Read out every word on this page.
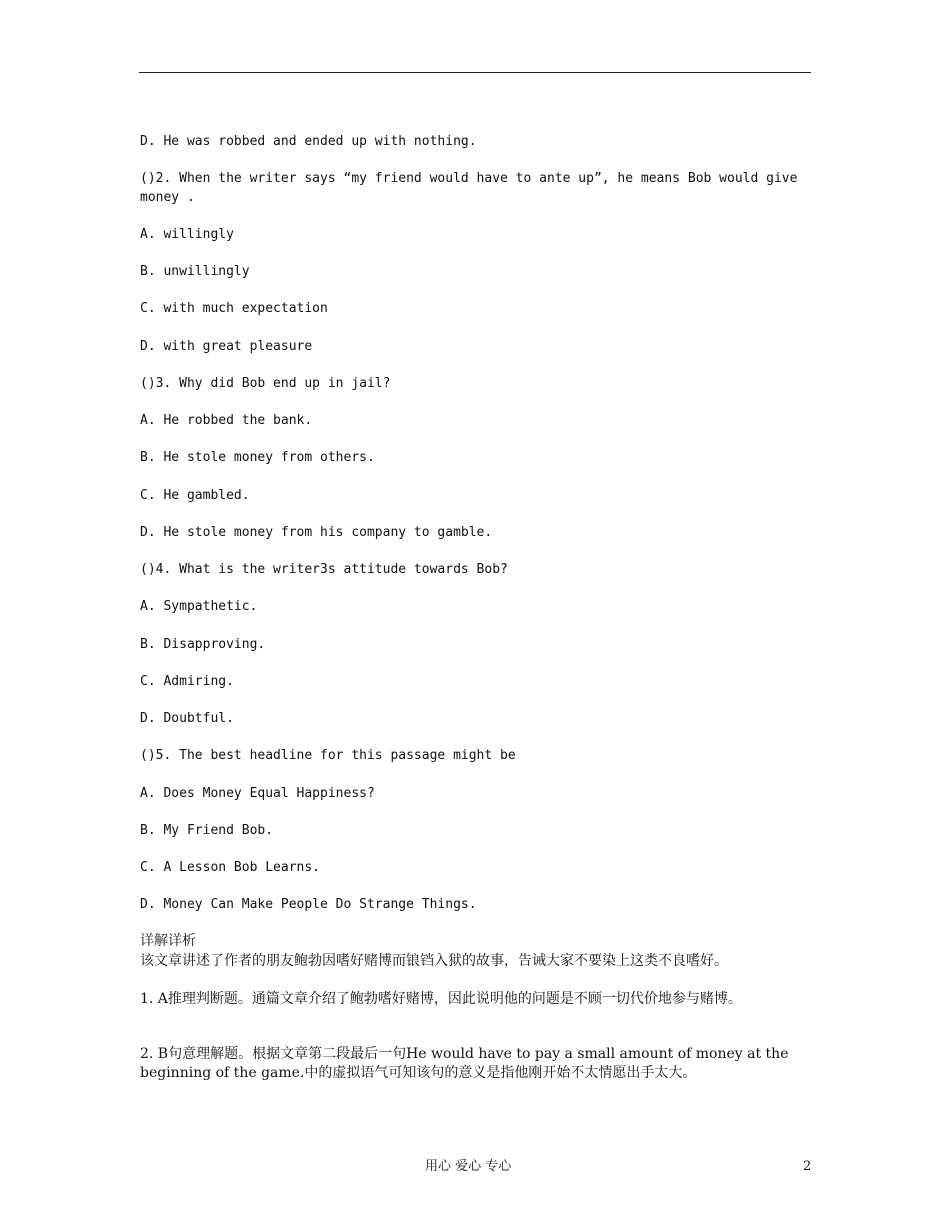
D. He was robbed and ended up with nothing.
()2. When the writer says “my friend would have to ante up”, he means Bob would give money .
A. willingly
B. unwillingly
C. with much expectation
D. with great pleasure
()3. Why did Bob end up in jail?
A. He robbed the bank.
B. He stole money from others.
C. He gambled.
D. He stole money from his company to gamble.
()4. What is the writer3s attitude towards Bob?
A. Sympathetic.
B. Disapproving.
C. Admiring.
D. Doubtful.
()5. The best headline for this passage might be
A. Does Money Equal Happiness?
B. My Friend Bob.
C. A Lesson Bob Learns.
D. Money Can Make People Do Strange Things.
详解详析
该文章讲述了作者的朋友鲍勃因嗜好赌博而锒铛入狱的故事，告诫大家不要染上这类不良嗜好。
1. A推理判断题。通篇文章介绍了鲍勃嗜好赌博，因此说明他的问题是不顾一切代价地参与赌博。
2. B句意理解题。根据文章第二段最后一句He would have to pay a small amount of money at the beginning of the game.中的虚拟语气可知该句的意义是指他刚开始不太情愿出手太大。
用心 爱心 专心	2
